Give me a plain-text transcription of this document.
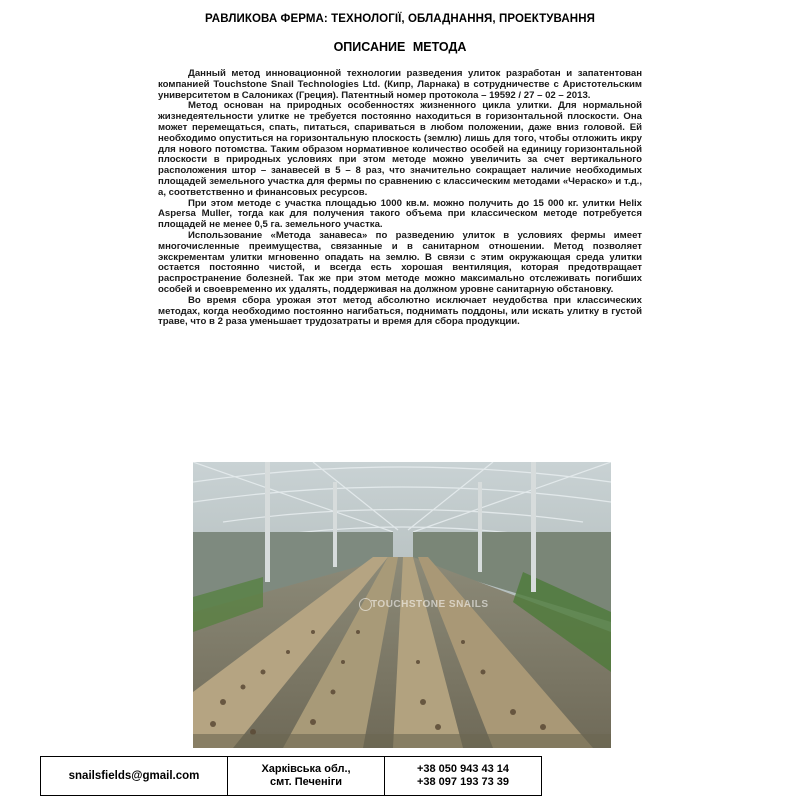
РАВЛИКОВА ФЕРМА: ТЕХНОЛОГІЇ, ОБЛАДНАННЯ, ПРОЕКТУВАННЯ
ОПИСАНИЕ МЕТОДА

Данный метод инновационной технологии разведения улиток разработан и запатентован компанией Touchstone Snail Technologies Ltd. (Кипр, Ларнака) в сотрудничестве с Аристотельским университетом в Салониках (Греция). Патентный номер протокола – 19592 / 27 – 02 – 2013.

Метод основан на природных особенностях жизненного цикла улитки. Для нормальной жизнедеятельности улитке не требуется постоянно находиться в горизонтальной плоскости. Она может перемещаться, спать, питаться, спариваться в любом положении, даже вниз головой. Ей необходимо опуститься на горизонтальную плоскость (землю) лишь для того, чтобы отложить икру для нового потомства. Таким образом нормативное количество особей на единицу горизонтальной плоскости в природных условиях при этом методе можно увеличить за счет вертикального расположения штор – занавесей в 5 – 8 раз, что значительно сокращает наличие необходимых площадей земельного участка для фермы по сравнению с классическим методами «Чераско» и т.д., а, соответственно и финансовых ресурсов.

При этом методе с участка площадью 1000 кв.м. можно получить до 15 000 кг. улитки Helix Aspersa Muller, тогда как для получения такого объема при классическом методе потребуется площадей не менее 0,5 га. земельного участка.

Использование «Метода занавеса» по разведению улиток в условиях фермы имеет многочисленные преимущества, связанные и в санитарном отношении. Метод позволяет экскрементам улитки мгновенно опадать на землю. В связи с этим окружающая среда улитки остается постоянно чистой, и всегда есть хорошая вентиляция, которая предотвращает распространение болезней. Так же при этом методе можно максимально отслеживать погибших особей и своевременно их удалять, поддерживая на должном уровне санитарную обстановку.

Во время сбора урожая этот метод абсолютно исключает неудобства при классических методах, когда необходимо постоянно нагибаться, поднимать поддоны, или искать улитку в густой траве, что в 2 раза уменьшает трудозатраты и время для сбора продукции.

TOUCHSTONE SNAILS
snailsfields@gmail.com
Харківська обл.,
смт. Печеніги
+38 050 943 43 14
+38 097 193 73 39
